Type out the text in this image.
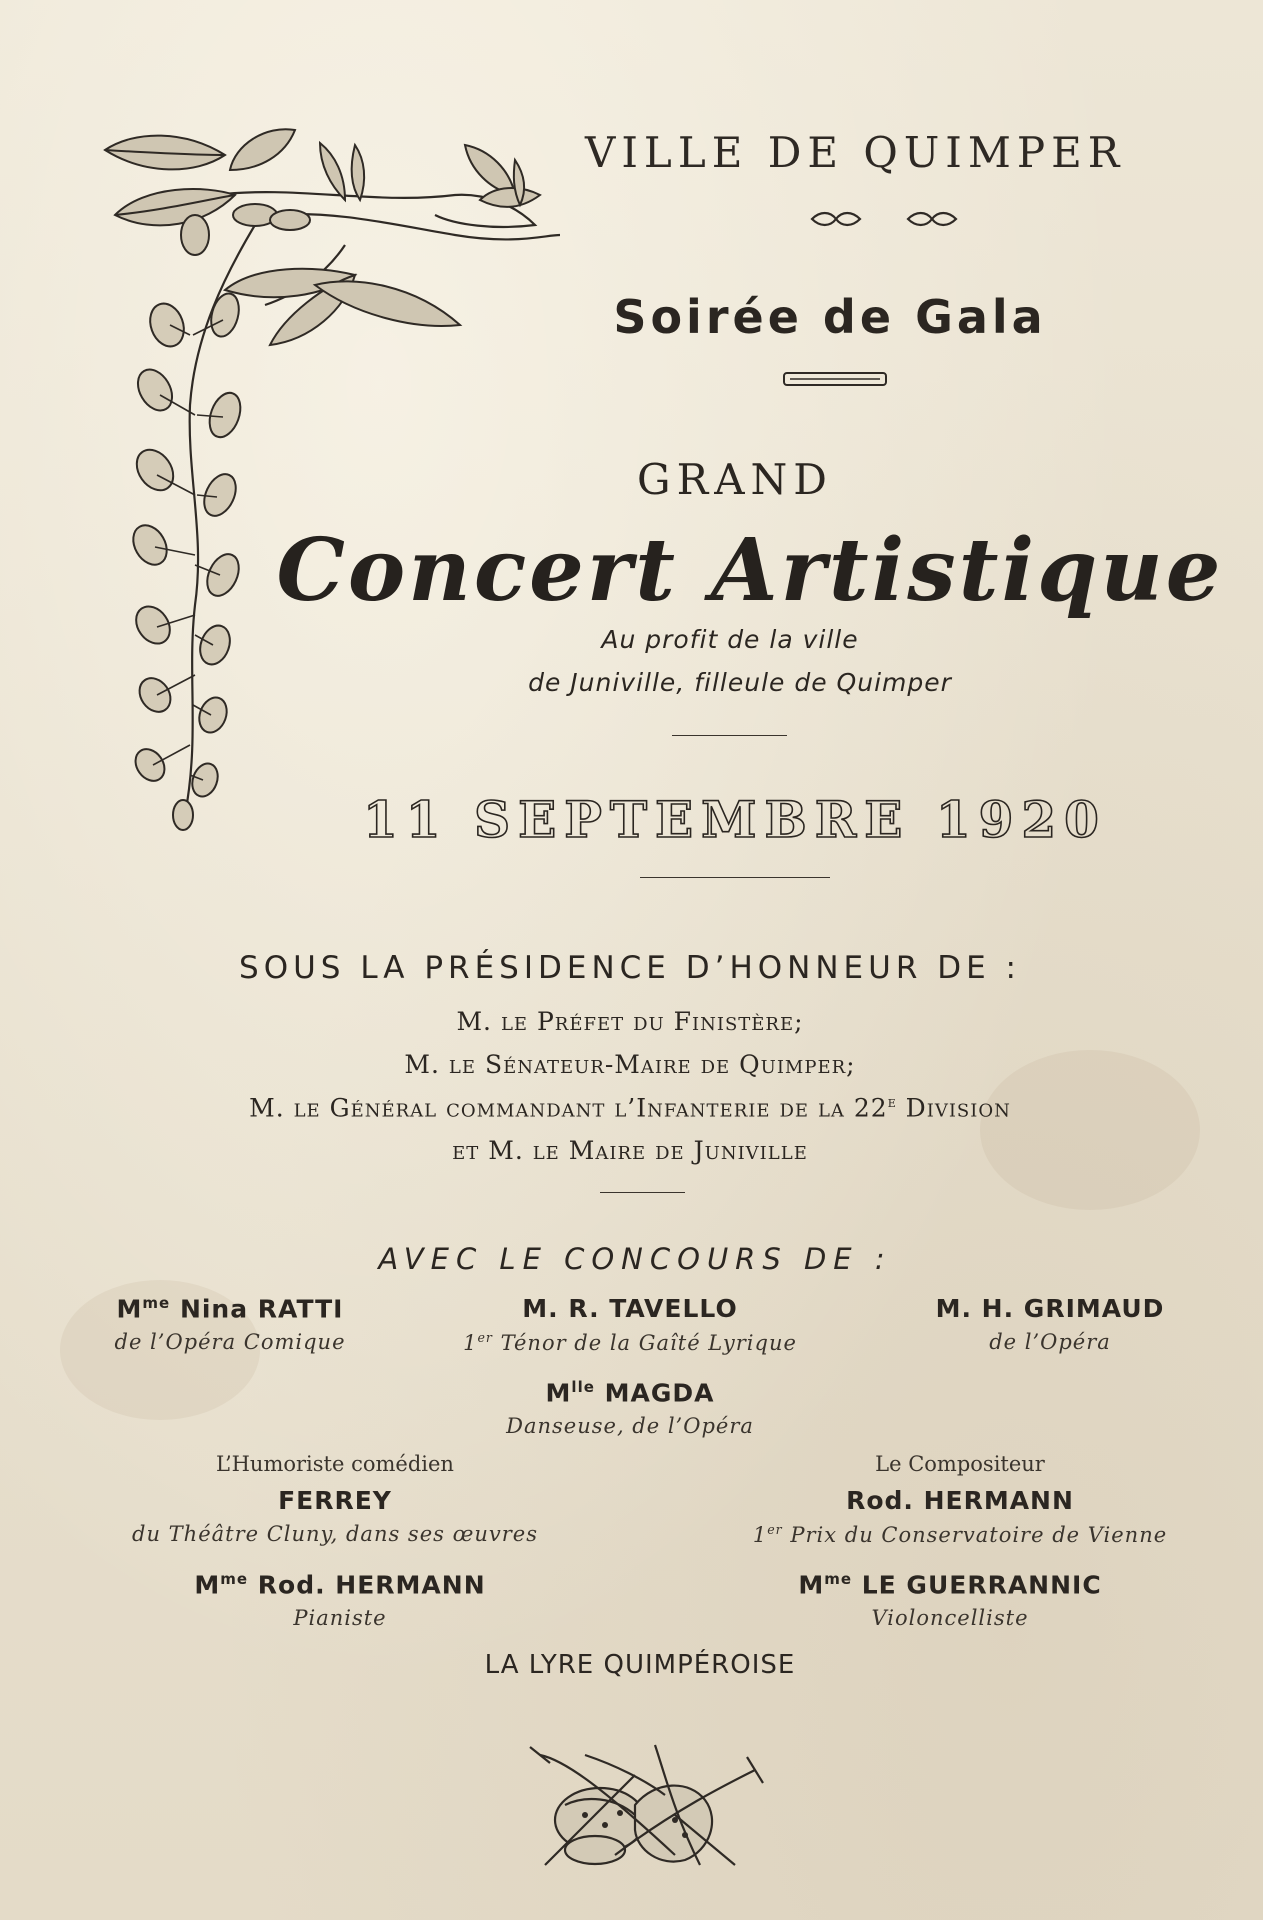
VILLE DE QUIMPER
Soirée de Gala
GRAND
Concert Artistique
Au profit de la ville
de Juniville, filleule de Quimper
11 SEPTEMBRE 1920
SOUS LA PRÉSIDENCE D’HONNEUR DE :
M. le Préfet du Finistère;
M. le Sénateur-Maire de Quimper;
M. le Général commandant l’Infanterie de la 22e Division
et M. le Maire de Juniville
AVEC LE CONCOURS DE :
$M^{me}$ Nina RATTI
de l’Opéra Comique
M. R. TAVELLO
1er Ténor de la Gaîté Lyrique
M. H. GRIMAUD
de l’Opéra
$M^{lle}$ MAGDA
Danseuse, de l’Opéra
L’Humoriste comédien
FERREY
du Théâtre Cluny, dans ses œuvres
Le Compositeur
Rod. HERMANN
1er Prix du Conservatoire de Vienne
$M^{me}$ Rod. HERMANN
Pianiste
$M^{me}$ LE GUERRANNIC
Violoncelliste
LA LYRE QUIMPÉROISE
